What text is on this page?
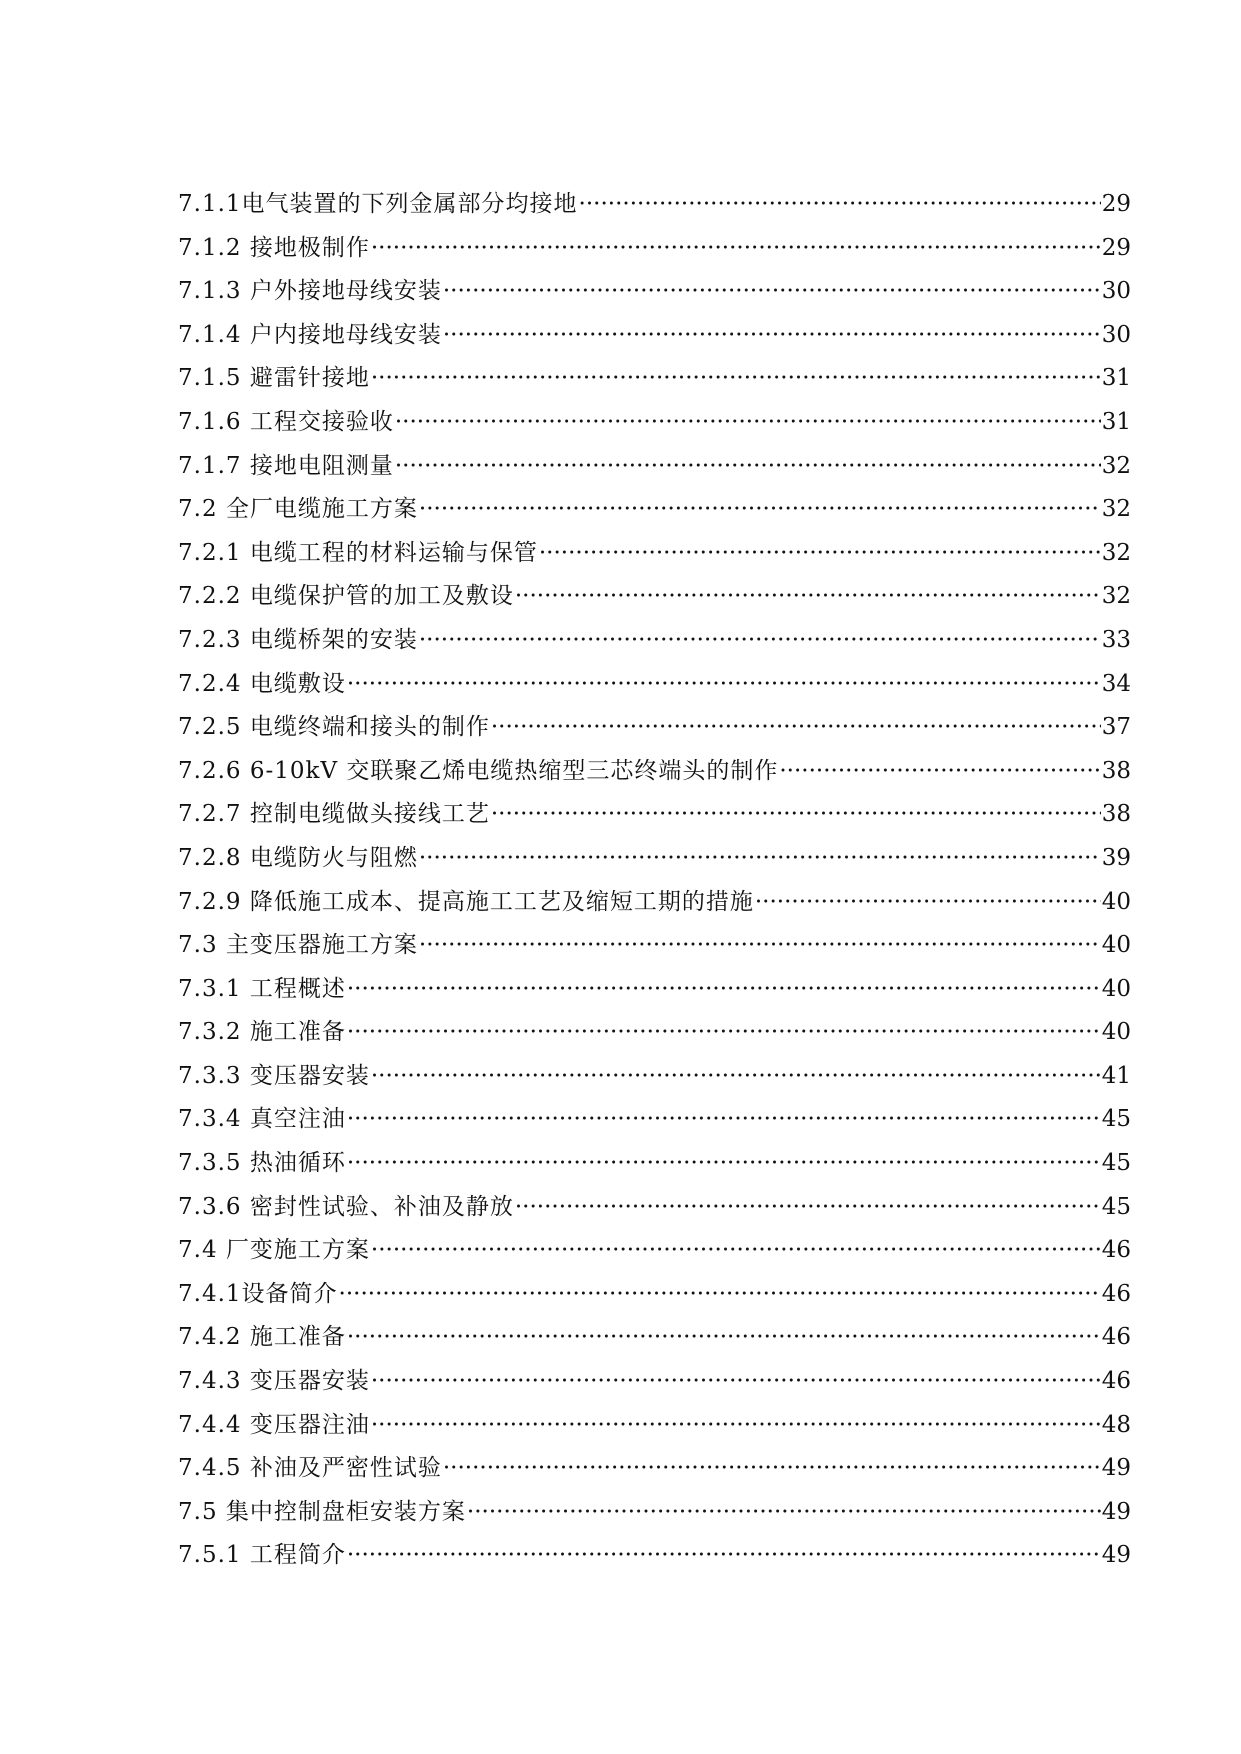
7.1.1电气装置的下列金属部分均接地 ·····	29
7.1.2 接地极制作 ·····	29
7.1.3 户外接地母线安装 ·····	30
7.1.4 户内接地母线安装 ·····	30
7.1.5 避雷针接地 ·····	31
7.1.6 工程交接验收 ·····	31
7.1.7 接地电阻测量 ·····	32
7.2 全厂电缆施工方案 ·····	32
7.2.1 电缆工程的材料运输与保管 ·····	32
7.2.2 电缆保护管的加工及敷设 ·····	32
7.2.3 电缆桥架的安装 ·····	33
7.2.4 电缆敷设 ·····	34
7.2.5 电缆终端和接头的制作 ·····	37
7.2.6 6-10kV 交联聚乙烯电缆热缩型三芯终端头的制作 ·····	38
7.2.7 控制电缆做头接线工艺 ·····	38
7.2.8 电缆防火与阻燃 ·····	39
7.2.9 降低施工成本、提高施工工艺及缩短工期的措施 ·····	40
7.3 主变压器施工方案 ·····	40
7.3.1 工程概述 ·····	40
7.3.2 施工准备 ·····	40
7.3.3 变压器安装 ·····	41
7.3.4 真空注油 ·····	45
7.3.5 热油循环 ·····	45
7.3.6 密封性试验、补油及静放 ·····	45
7.4 厂变施工方案 ·····	46
7.4.1设备简介 ·····	46
7.4.2 施工准备 ·····	46
7.4.3 变压器安装 ·····	46
7.4.4 变压器注油 ·····	48
7.4.5 补油及严密性试验 ·····	49
7.5 集中控制盘柜安装方案 ·····	49
7.5.1 工程简介 ·····	49
